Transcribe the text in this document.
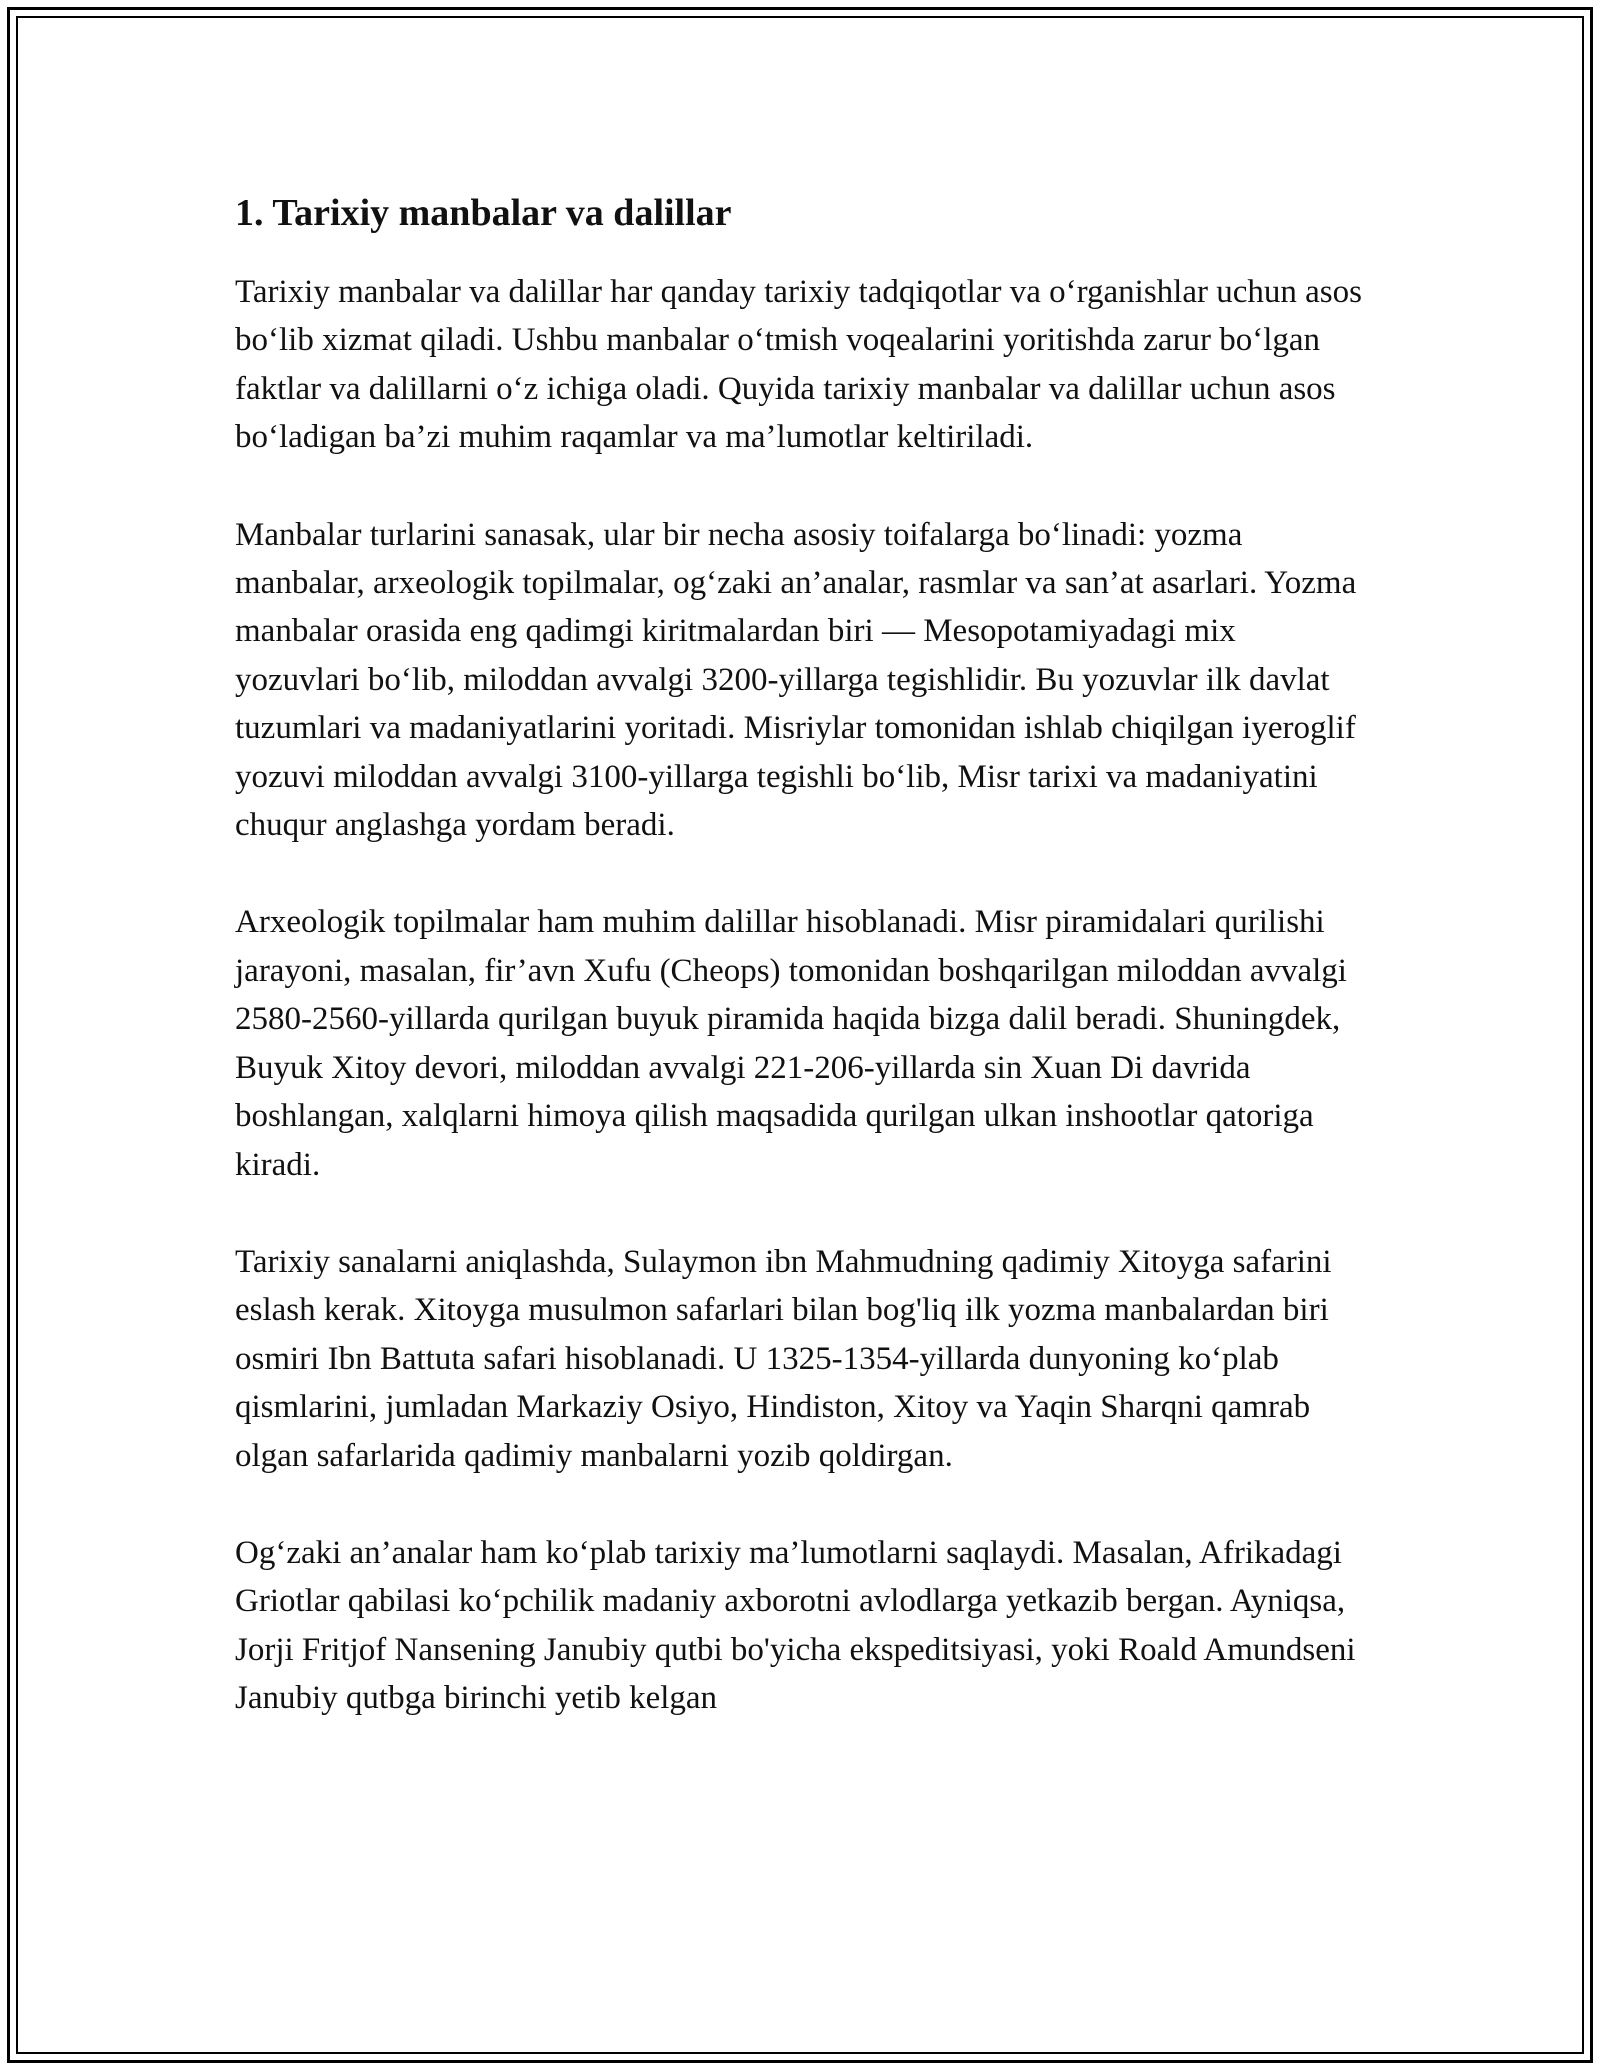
1. Tarixiy manbalar va dalillar

Tarixiy manbalar va dalillar har qanday tarixiy tadqiqotlar va o‘rganishlar uchun asos bo‘lib xizmat qiladi. Ushbu manbalar o‘tmish voqealarini yoritishda zarur bo‘lgan faktlar va dalillarni o‘z ichiga oladi. Quyida tarixiy manbalar va dalillar uchun asos bo‘ladigan ba’zi muhim raqamlar va ma’lumotlar keltiriladi.

Manbalar turlarini sanasak, ular bir necha asosiy toifalarga bo‘linadi: yozma manbalar, arxeologik topilmalar, og‘zaki an’analar, rasmlar va san’at asarlari. Yozma manbalar orasida eng qadimgi kiritmalardan biri — Mesopotamiyadagi mix yozuvlari bo‘lib, miloddan avvalgi 3200-yillarga tegishlidir. Bu yozuvlar ilk davlat tuzumlari va madaniyatlarini yoritadi. Misriylar tomonidan ishlab chiqilgan iyeroglif yozuvi miloddan avvalgi 3100-yillarga tegishli bo‘lib, Misr tarixi va madaniyatini chuqur anglashga yordam beradi.

Arxeologik topilmalar ham muhim dalillar hisoblanadi. Misr piramidalari qurilishi jarayoni, masalan, fir’avn Xufu (Cheops) tomonidan boshqarilgan miloddan avvalgi 2580-2560-yillarda qurilgan buyuk piramida haqida bizga dalil beradi. Shuningdek, Buyuk Xitoy devori, miloddan avvalgi 221-206-yillarda sin Xuan Di davrida boshlangan, xalqlarni himoya qilish maqsadida qurilgan ulkan inshootlar qatoriga kiradi.

Tarixiy sanalarni aniqlashda, Sulaymon ibn Mahmudning qadimiy Xitoyga safarini eslash kerak. Xitoyga musulmon safarlari bilan bog'liq ilk yozma manbalardan biri osmiri Ibn Battuta safari hisoblanadi. U 1325-1354-yillarda dunyoning ko‘plab qismlarini, jumladan Markaziy Osiyo, Hindiston, Xitoy va Yaqin Sharqni qamrab olgan safarlarida qadimiy manbalarni yozib qoldirgan.

Og‘zaki an’analar ham ko‘plab tarixiy ma’lumotlarni saqlaydi. Masalan, Afrikadagi Griotlar qabilasi ko‘pchilik madaniy axborotni avlodlarga yetkazib bergan. Ayniqsa, Jorji Fritjof Nansening Janubiy qutbi bo'yicha ekspeditsiyasi, yoki Roald Amundseni Janubiy qutbga birinchi yetib kelgan
